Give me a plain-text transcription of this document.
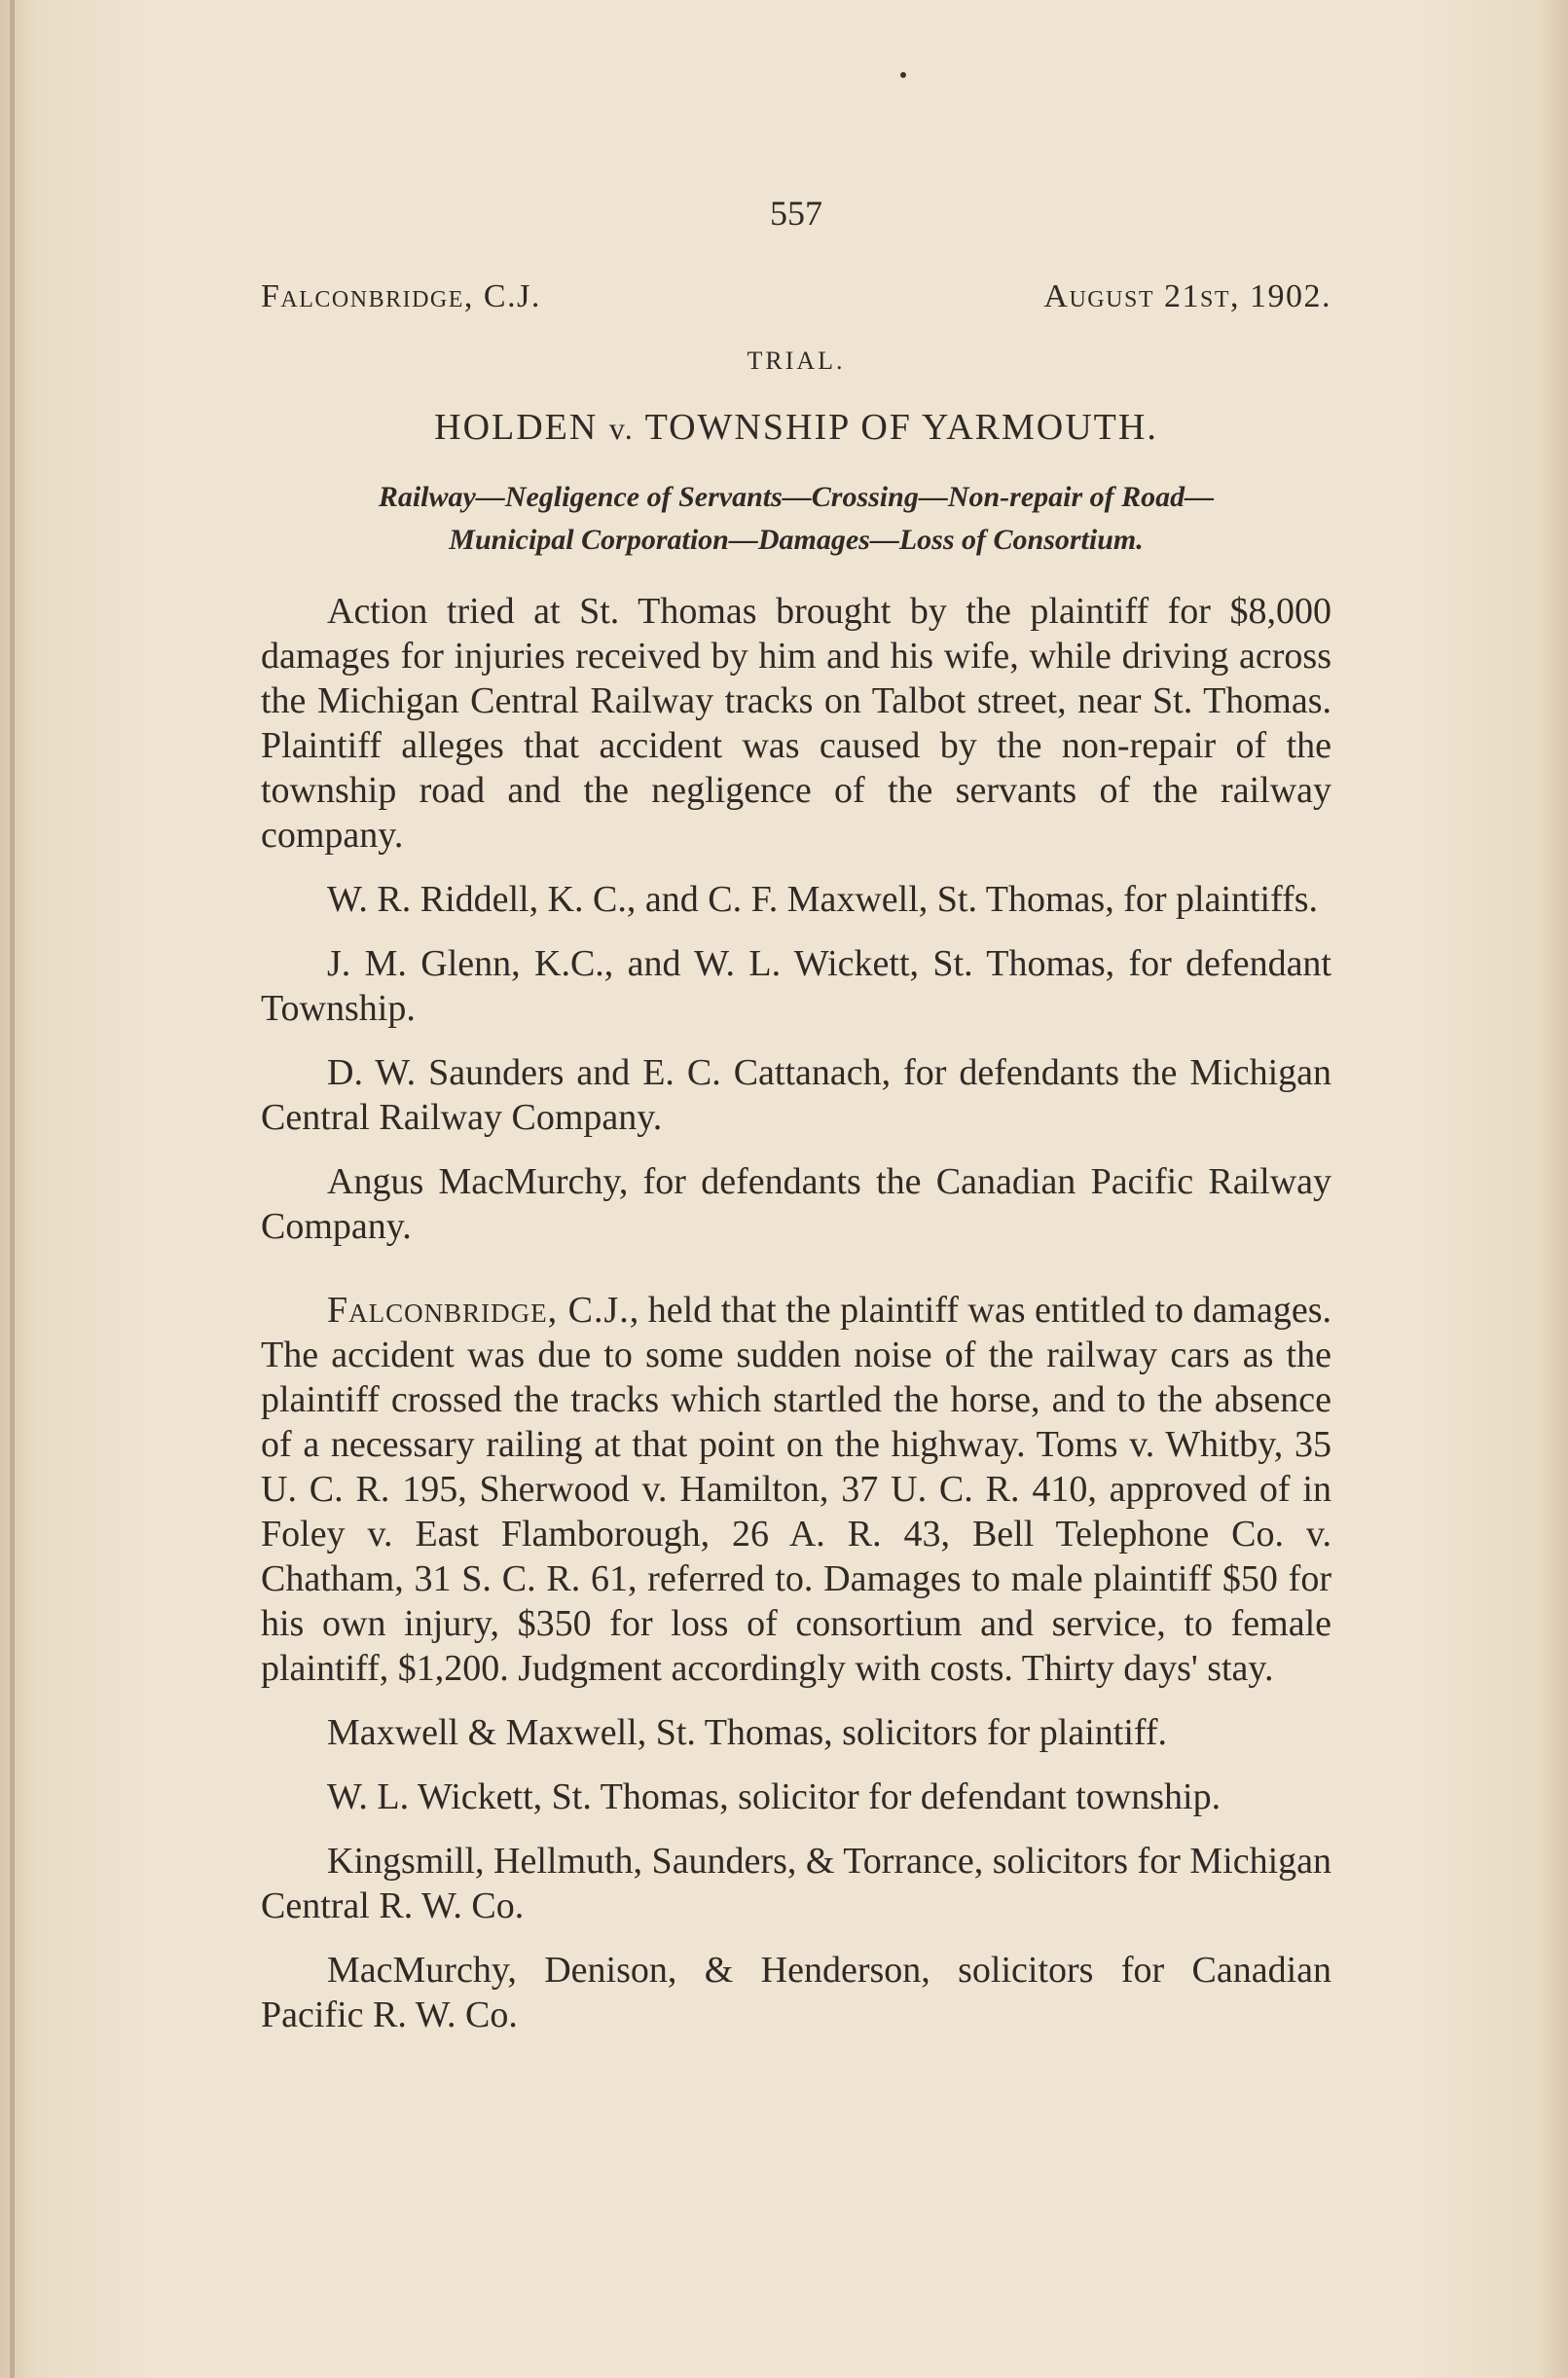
557
Falconbridge, C.J.	August 21st, 1902.
TRIAL.
HOLDEN v. TOWNSHIP OF YARMOUTH.
Railway—Negligence of Servants—Crossing—Non-repair of Road—
Municipal Corporation—Damages—Loss of Consortium.

Action tried at St. Thomas brought by the plaintiff for $8,000 damages for injuries received by him and his wife, while driving across the Michigan Central Railway tracks on Talbot street, near St. Thomas. Plaintiff alleges that accident was caused by the non-repair of the township road and the negligence of the servants of the railway company.

W. R. Riddell, K. C., and C. F. Maxwell, St. Thomas, for plaintiffs.

J. M. Glenn, K.C., and W. L. Wickett, St. Thomas, for defendant Township.

D. W. Saunders and E. C. Cattanach, for defendants the Michigan Central Railway Company.

Angus MacMurchy, for defendants the Canadian Pacific Railway Company.

Falconbridge, C.J., held that the plaintiff was entitled to damages. The accident was due to some sudden noise of the railway cars as the plaintiff crossed the tracks which startled the horse, and to the absence of a necessary railing at that point on the highway. Toms v. Whitby, 35 U. C. R. 195, Sherwood v. Hamilton, 37 U. C. R. 410, approved of in Foley v. East Flamborough, 26 A. R. 43, Bell Telephone Co. v. Chatham, 31 S. C. R. 61, referred to. Damages to male plaintiff $50 for his own injury, $350 for loss of consortium and service, to female plaintiff, $1,200. Judgment accordingly with costs. Thirty days' stay.

Maxwell & Maxwell, St. Thomas, solicitors for plaintiff.

W. L. Wickett, St. Thomas, solicitor for defendant township.

Kingsmill, Hellmuth, Saunders, & Torrance, solicitors for Michigan Central R. W. Co.

MacMurchy, Denison, & Henderson, solicitors for Canadian Pacific R. W. Co.
